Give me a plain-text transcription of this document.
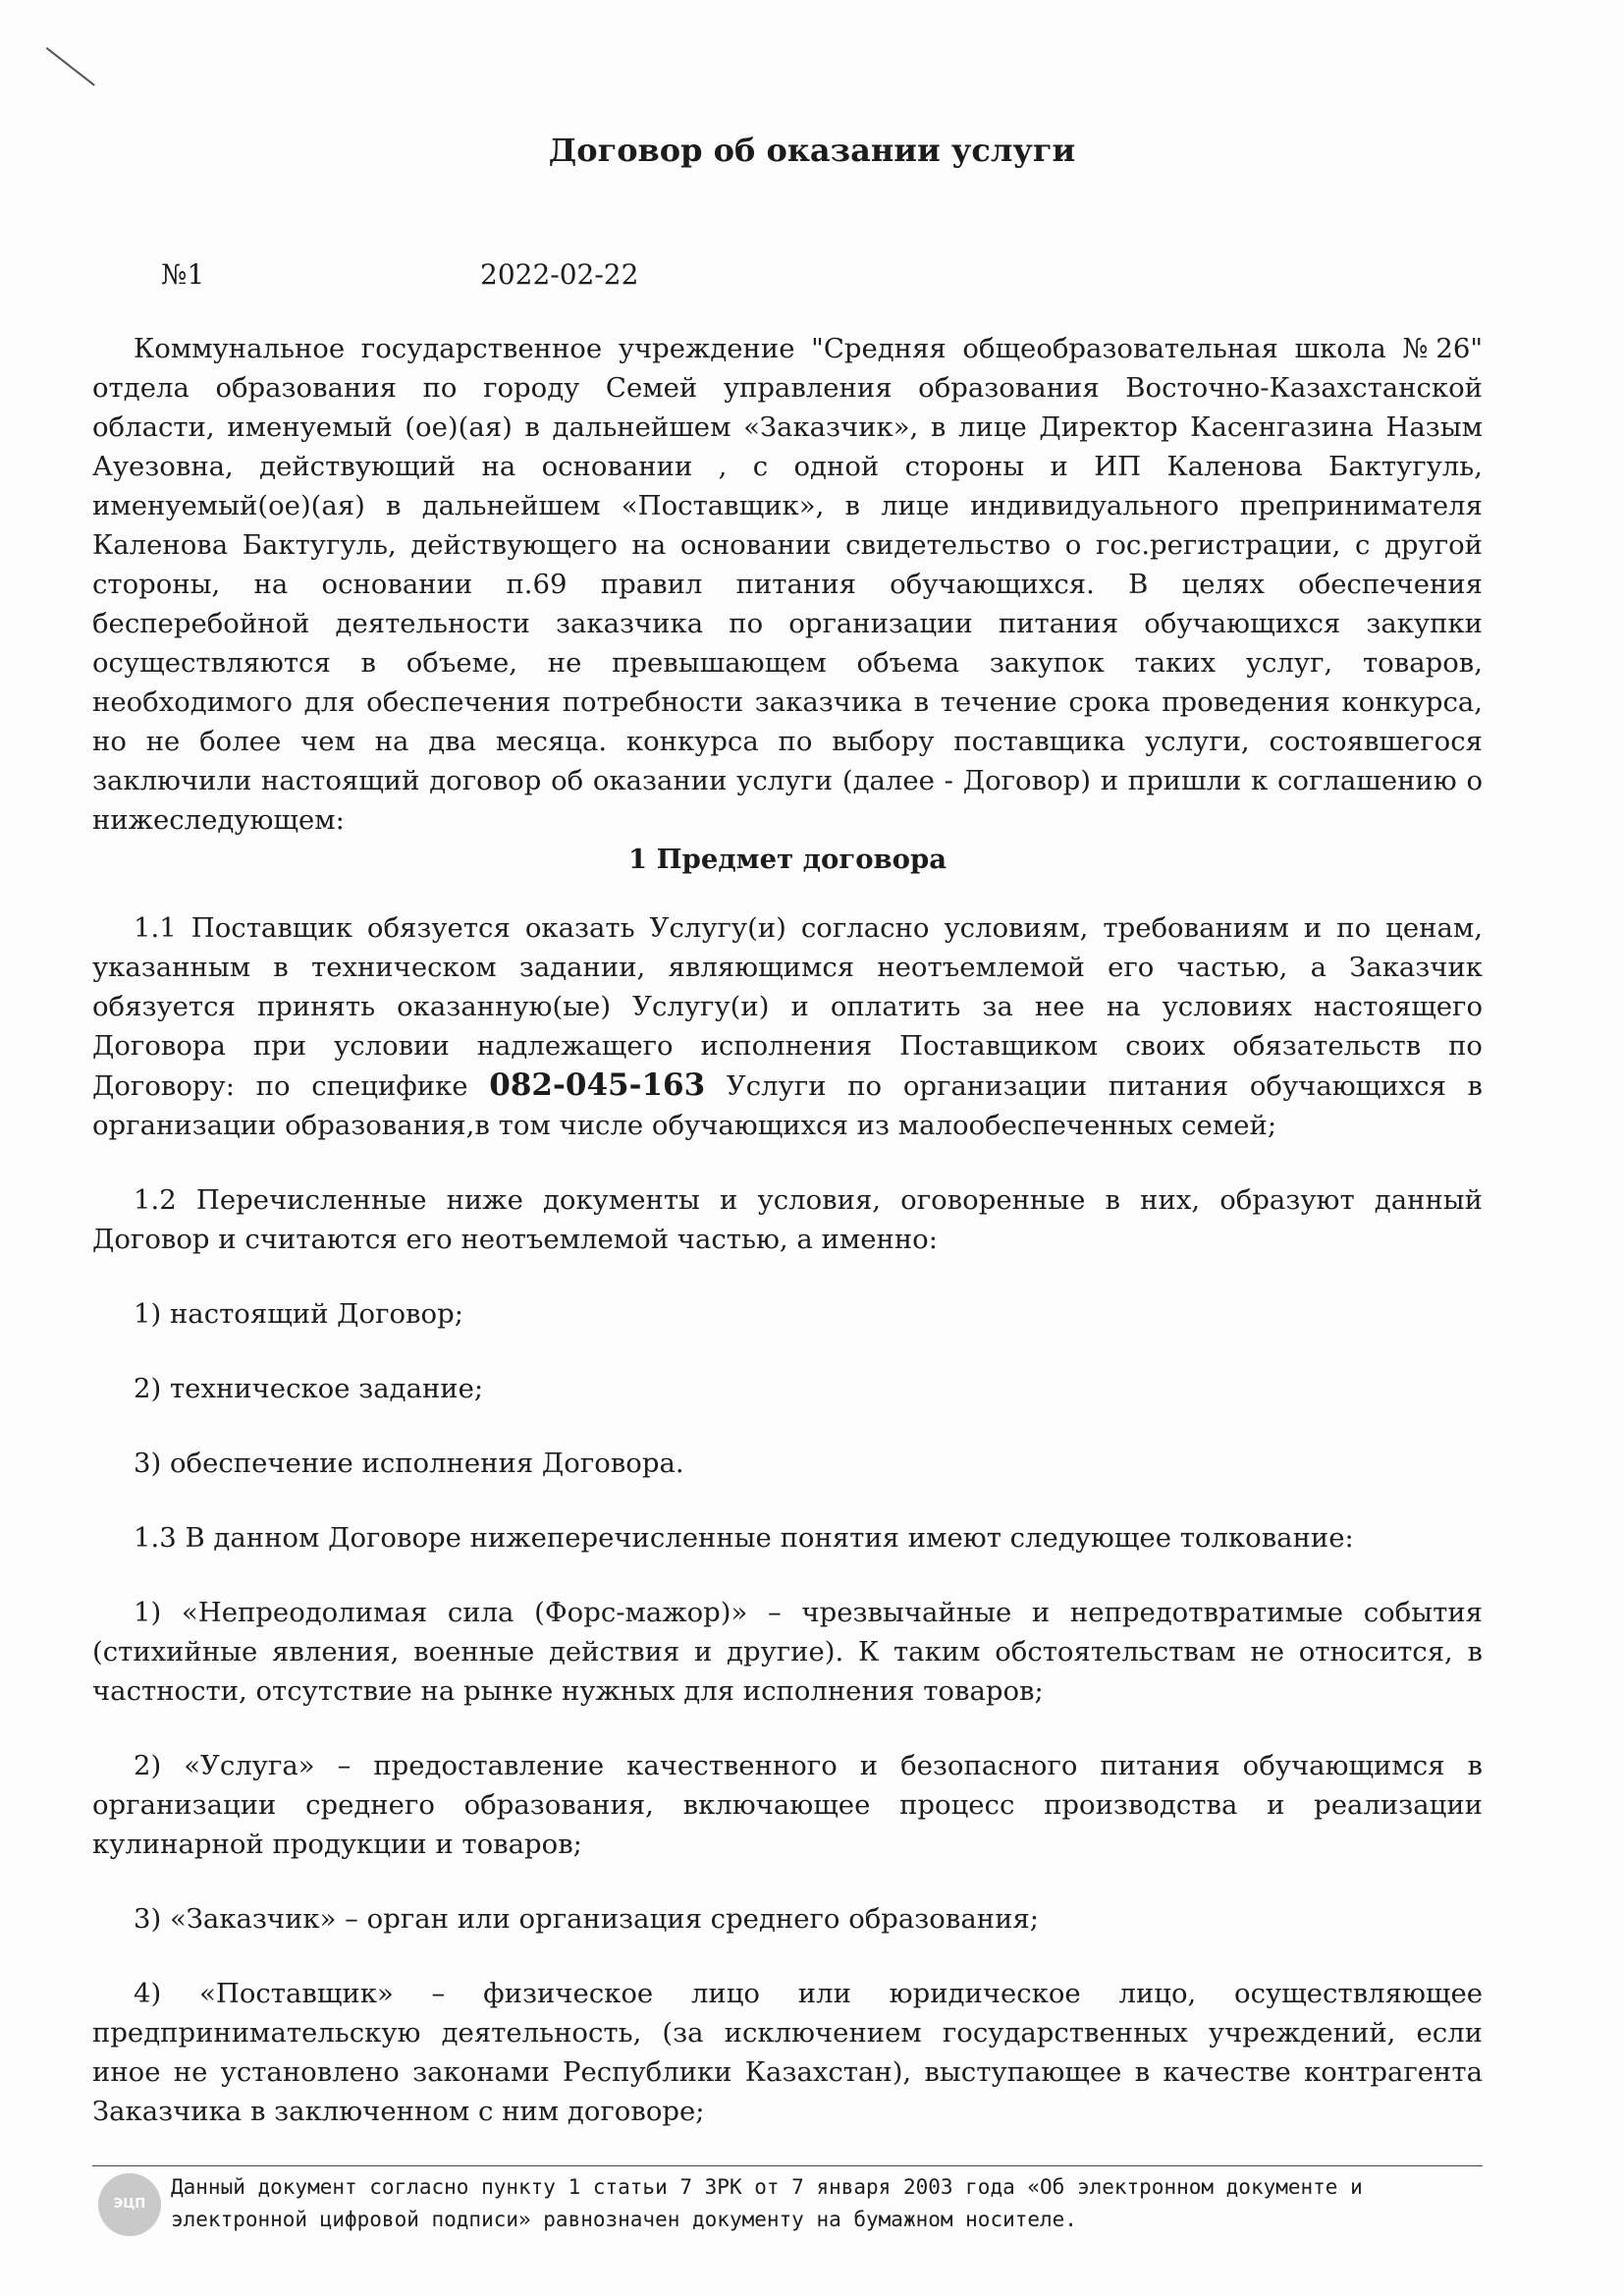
Договор об оказании услуги
№1	2022-02-22

Коммунальное государственное учреждение "Средняя общеобразовательная школа №26" отдела образования по городу Семей управления образования Восточно-Казахстанской области, именуемый (ое)(ая) в дальнейшем «Заказчик», в лице Директор Касенгазина Назым Ауезовна, действующий на основании , с одной стороны и ИП Каленова Бактугуль, именуемый(ое)(ая) в дальнейшем «Поставщик», в лице индивидуального препринимателя Каленова Бактугуль, действующего на основании свидетельство о гос.регистрации, с другой стороны, на основании п.69 правил питания обучающихся. В целях обеспечения бесперебойной деятельности заказчика по организации питания обучающихся закупки осуществляются в объеме, не превышающем объема закупок таких услуг, товаров, необходимого для обеспечения потребности заказчика в течение срока проведения конкурса, но не более чем на два месяца. конкурса по выбору поставщика услуги, состоявшегося заключили настоящий договор об оказании услуги (далее - Договор) и пришли к соглашению о нижеследующем:

1 Предмет договора

1.1 Поставщик обязуется оказать Услугу(и) согласно условиям, требованиям и по ценам, указанным в техническом задании, являющимся неотъемлемой его частью, а Заказчик обязуется принять оказанную(ые) Услугу(и) и оплатить за нее на условиях настоящего Договора при условии надлежащего исполнения Поставщиком своих обязательств по Договору: по специфике 082-045-163 Услуги по организации питания обучающихся в организации образования,в том числе обучающихся из малообеспеченных семей;

1.2 Перечисленные ниже документы и условия, оговоренные в них, образуют данный Договор и считаются его неотъемлемой частью, а именно:

1) настоящий Договор;

2) техническое задание;

3) обеспечение исполнения Договора.

1.3 В данном Договоре нижеперечисленные понятия имеют следующее толкование:

1) «Непреодолимая сила (Форс-мажор)» – чрезвычайные и непредотвратимые события (стихийные явления, военные действия и другие). К таким обстоятельствам не относится, в частности, отсутствие на рынке нужных для исполнения товаров;

2) «Услуга» – предоставление качественного и безопасного питания обучающимся в организации среднего образования, включающее процесс производства и реализации кулинарной продукции и товаров;

3) «Заказчик» – орган или организация среднего образования;

4) «Поставщик» – физическое лицо или юридическое лицо, осуществляющее предпринимательскую деятельность, (за исключением государственных учреждений, если иное не установлено законами Республики Казахстан), выступающее в качестве контрагента Заказчика в заключенном с ним договоре;

ЭЦП
Данный документ согласно пункту 1 статьи 7 ЗРК от 7 января 2003 года «Об электронном документе и
электронной цифровой подписи» равнозначен документу на бумажном носителе.
